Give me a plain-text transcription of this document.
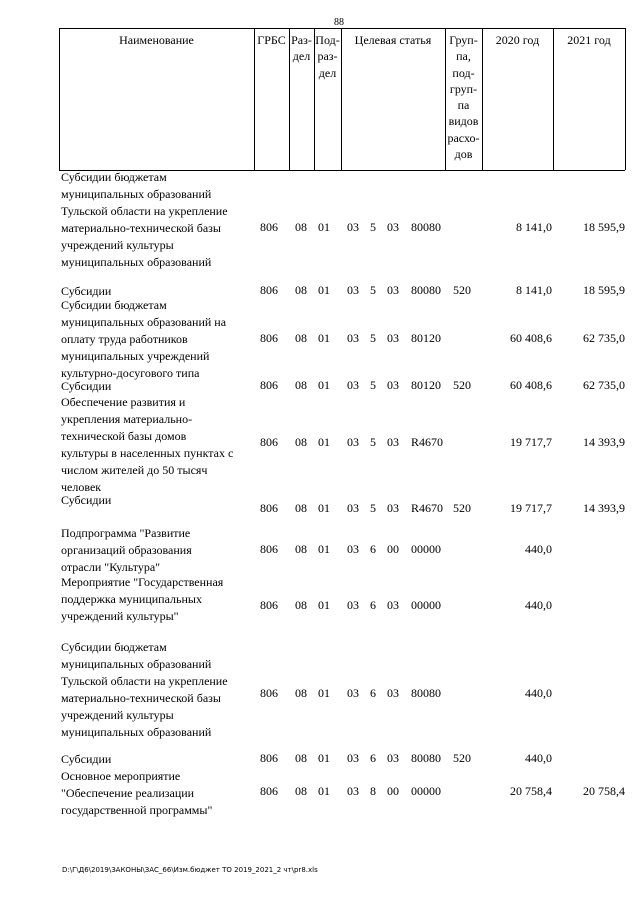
88
Наименование	ГРБС Раз-
дел
Под-
раз-
дел
Целевая статья	Груп-
па,
под-
груп-
па
видов
расхо-
дов
2020 год	2021 год
Субсидии бюджетам
муниципальных образований
Тульской области на укрепление
материально-технической базы
учреждений культуры
муниципальных образований
806 08 01 03 5 03 80080	8 141,0	18 595,9
Субсидии	806 08 01 03 5 03 80080 520	8 141,0	18 595,9
Субсидии бюджетам
муниципальных образований на
оплату труда работников
муниципальных учреждений
культурно-досугового типа
806 08 01 03 5 03 80120	60 408,6	62 735,0
Субсидии	806 08 01 03 5 03 80120 520	60 408,6	62 735,0
Обеспечение развития и
укрепления материально-
технической базы домов
культуры в населенных пунктах с
числом жителей до 50 тысяч
человек
806 08 01 03 5 03 R4670	19 717,7	14 393,9
Субсидии
806 08 01 03 5 03 R4670 520	19 717,7	14 393,9
Подпрограмма "Развитие
организаций образования
отрасли "Культура"
806 08 01 03 6 00 00000	440,0
Мероприятие "Государственная
поддержка муниципальных
учреждений культуры"
806 08 01 03 6 03 00000	440,0
Субсидии бюджетам
муниципальных образований
Тульской области на укрепление
материально-технической базы
учреждений культуры
муниципальных образований
806 08 01 03 6 03 80080	440,0
Субсидии	806 08 01 03 6 03 80080 520	440,0
Основное мероприятие
"Обеспечение реализации
государственной программы"
806 08 01 03 8 00 00000	20 758,4	20 758,4
D:\Г\Д6\2019\ЗАКОНЫ\ЗАС_66\Изм.бюджет ТО 2019_2021_2 чт\pr8.xls
